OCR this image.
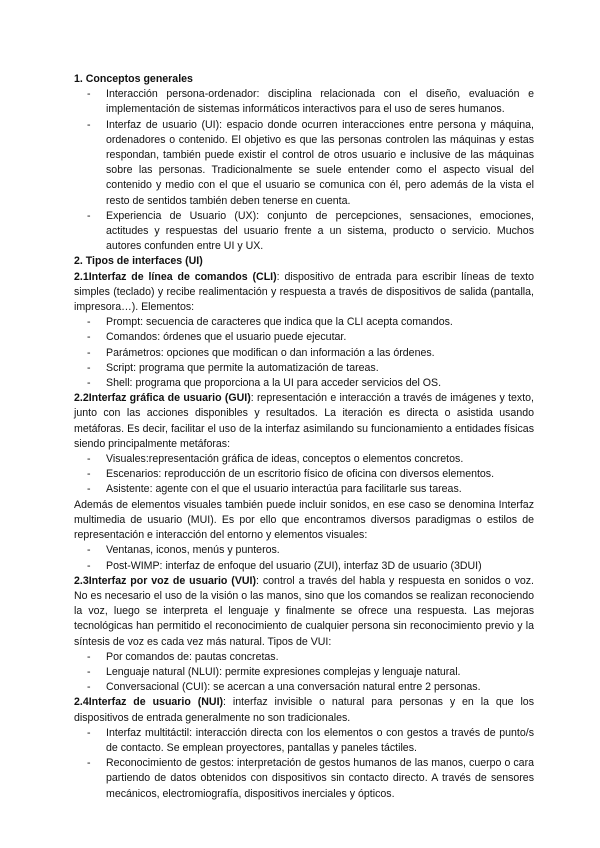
1. Conceptos generales

- Interacción persona-ordenador: disciplina relacionada con el diseño, evaluación e implementación de sistemas informáticos interactivos para el uso de seres humanos.

- Interfaz de usuario (UI): espacio donde ocurren interacciones entre persona y máquina, ordenadores o contenido. El objetivo es que las personas controlen las máquinas y estas respondan, también puede existir el control de otros usuario e inclusive de las máquinas sobre las personas. Tradicionalmente se suele entender como el aspecto visual del contenido y medio con el que el usuario se comunica con él, pero además de la vista el resto de sentidos también deben tenerse en cuenta.

- Experiencia de Usuario (UX): conjunto de percepciones, sensaciones, emociones, actitudes y respuestas del usuario frente a un sistema, producto o servicio. Muchos autores confunden entre UI y UX.

2. Tipos de interfaces (UI)

2.1Interfaz de línea de comandos (CLI): dispositivo de entrada para escribir líneas de texto simples (teclado) y recibe realimentación y respuesta a través de dispositivos de salida (pantalla, impresora…). Elementos:

- Prompt: secuencia de caracteres que indica que la CLI acepta comandos.

- Comandos: órdenes que el usuario puede ejecutar.

- Parámetros: opciones que modifican o dan información a las órdenes.

- Script: programa que permite la automatización de tareas.

- Shell: programa que proporciona a la UI para acceder servicios del OS.

2.2Interfaz gráfica de usuario (GUI): representación e interacción a través de imágenes y texto, junto con las acciones disponibles y resultados. La iteración es directa o asistida usando metáforas. Es decir, facilitar el uso de la interfaz asimilando su funcionamiento a entidades físicas siendo principalmente metáforas:

- Visuales:representación gráfica de ideas, conceptos o elementos concretos.

- Escenarios: reproducción de un escritorio físico de oficina con diversos elementos.

- Asistente: agente con el que el usuario interactúa para facilitarle sus tareas.

Además de elementos visuales también puede incluir sonidos, en ese caso se denomina Interfaz multimedia de usuario (MUI). Es por ello que encontramos diversos paradigmas o estilos de representación e interacción del entorno y elementos visuales:

- Ventanas, iconos, menús y punteros.

- Post-WIMP: interfaz de enfoque del usuario (ZUI), interfaz 3D de usuario (3DUI)

2.3Interfaz por voz de usuario (VUI): control a través del habla y respuesta en sonidos o voz. No es necesario el uso de la visión o las manos, sino que los comandos se realizan reconociendo la voz, luego se interpreta el lenguaje y finalmente se ofrece una respuesta. Las mejoras tecnológicas han permitido el reconocimiento de cualquier persona sin reconocimiento previo y la síntesis de voz es cada vez más natural. Tipos de VUI:

- Por comandos de: pautas concretas.

- Lenguaje natural (NLUI): permite expresiones complejas y lenguaje natural.

- Conversacional (CUI): se acercan a una conversación natural entre 2 personas.

2.4Interfaz de usuario (NUI): interfaz invisible o natural para personas y en la que los dispositivos de entrada generalmente no son tradicionales.

- Interfaz multitáctil: interacción directa con los elementos o con gestos a través de punto/s de contacto. Se emplean proyectores, pantallas y paneles táctiles.

- Reconocimiento de gestos: interpretación de gestos humanos de las manos, cuerpo o cara partiendo de datos obtenidos con dispositivos sin contacto directo. A través de sensores mecánicos, electromiografía, dispositivos inerciales y ópticos.
